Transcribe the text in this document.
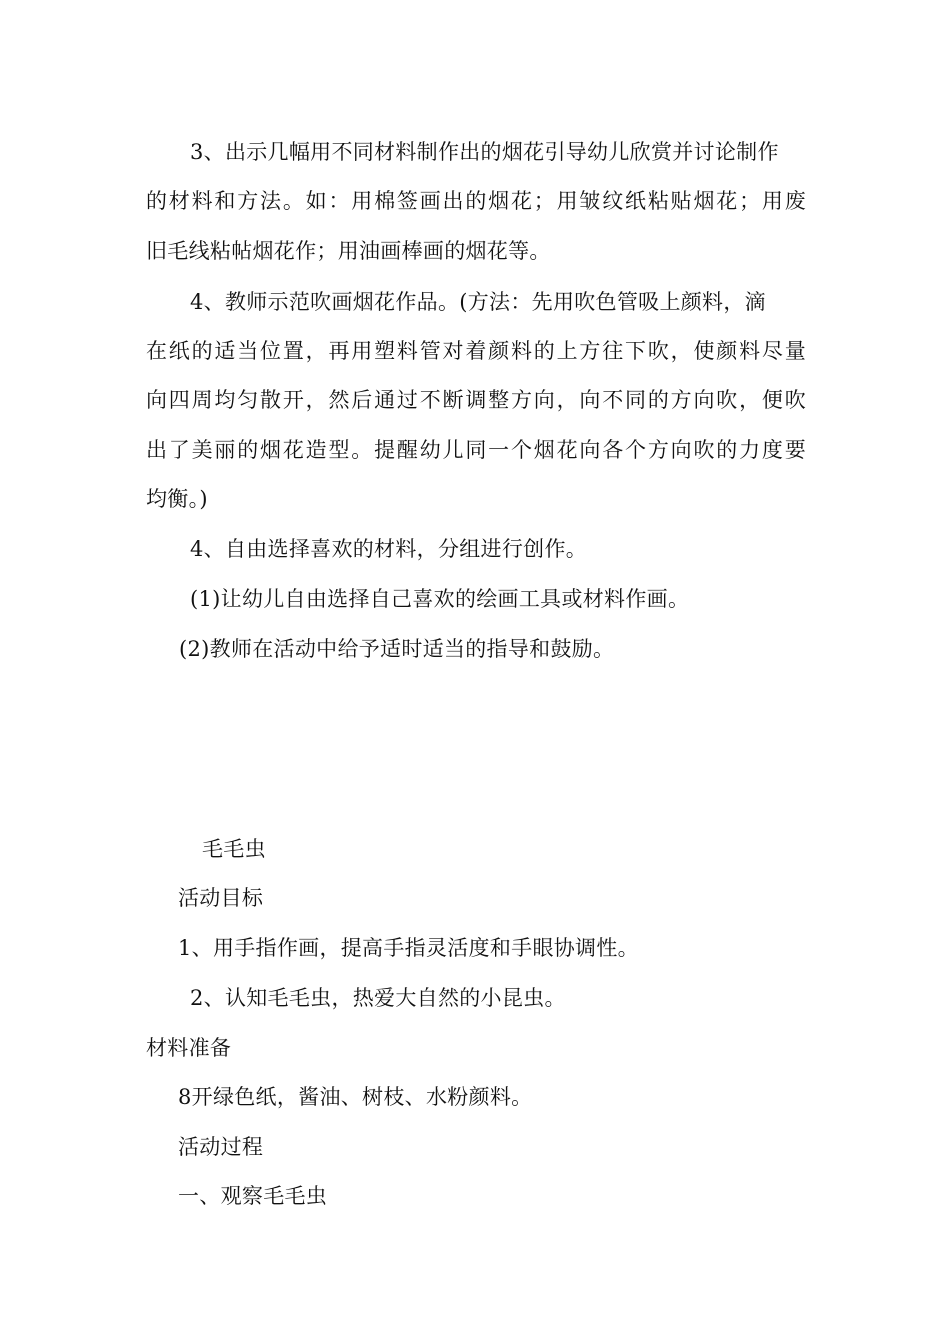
3、出示几幅用不同材料制作出的烟花引导幼儿欣赏并讨论制作
的材料和方法。如：用棉签画出的烟花；用皱纹纸粘贴烟花；用废
旧毛线粘帖烟花作；用油画棒画的烟花等。
4、教师示范吹画烟花作品。(方法：先用吹色管吸上颜料，滴
在纸的适当位置，再用塑料管对着颜料的上方往下吹，使颜料尽量
向四周均匀散开，然后通过不断调整方向，向不同的方向吹，便吹
出了美丽的烟花造型。提醒幼儿同一个烟花向各个方向吹的力度要
均衡。)
4、自由选择喜欢的材料，分组进行创作。
(1)让幼儿自由选择自己喜欢的绘画工具或材料作画。
(2)教师在活动中给予适时适当的指导和鼓励。
毛毛虫
活动目标
1、用手指作画，提高手指灵活度和手眼协调性。
2、认知毛毛虫，热爱大自然的小昆虫。
材料准备
8开绿色纸，酱油、树枝、水粉颜料。
活动过程
一、观察毛毛虫
